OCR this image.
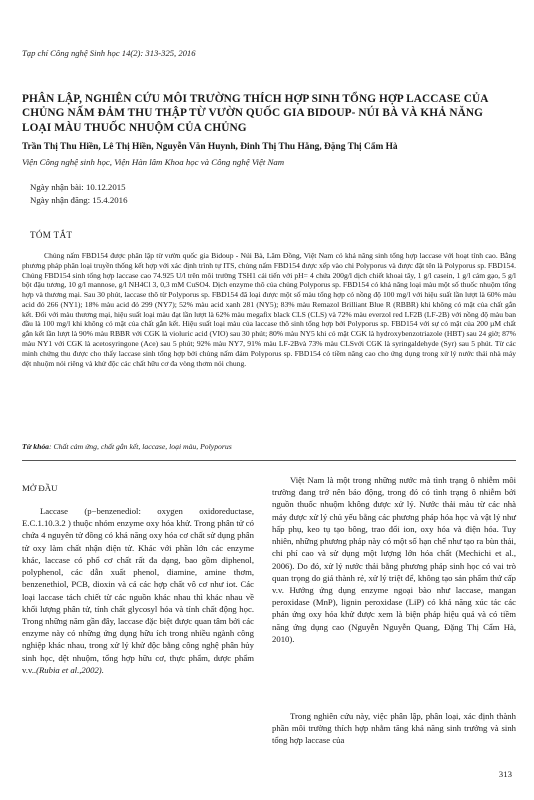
Tạp chí Công nghệ Sinh học 14(2): 313-325, 2016
PHÂN LẬP, NGHIÊN CỨU MÔI TRƯỜNG THÍCH HỢP SINH TỔNG HỢP LACCASE CỦA CHỦNG NẤM ĐẢM THU THẬP TỪ VƯỜN QUỐC GIA BIDOUP- NÚI BÀ VÀ KHẢ NĂNG LOẠI MÀU THUỐC NHUỘM CỦA CHỦNG
Trần Thị Thu Hiền, Lê Thị Hiền, Nguyễn Văn Huynh, Đinh Thị Thu Hằng, Đặng Thị Cẩm Hà
Viện Công nghệ sinh học, Viện Hàn lâm Khoa học và Công nghệ Việt Nam
Ngày nhận bài: 10.12.2015
Ngày nhận đăng: 15.4.2016
TÓM TẮT

Chủng nấm FBD154 được phân lập từ vườn quốc gia Bidoup - Núi Bà, Lâm Đồng, Việt Nam có khả năng sinh tổng hợp laccase với hoạt tính cao. Bằng phương pháp phân loại truyền thống kết hợp với xác định trình tự ITS, chủng nấm FBD154 được xếp vào chi Polyporus và được đặt tên là Polyporus sp. FBD154. Chủng FBD154 sinh tổng hợp laccase cao 74.925 U/l trên môi trường TSH1 cải tiến với pH= 4 chứa 200g/l dịch chiết khoai tây, 1 g/l casein, 1 g/l cám gạo, 5 g/l bột đậu tương, 10 g/l mannose, g/l NH4Cl 3, 0,3 mM CuSO4. Dịch enzyme thô của chủng Polyporus sp. FBD154 có khả năng loại màu một số thuốc nhuộm tổng hợp và thương mại. Sau 30 phút, laccase thô từ Polyporus sp. FBD154 đã loại được một số màu tổng hợp có nồng độ 100 mg/l với hiệu suất lần lượt là 60% màu acid đỏ 266 (NY1); 18% màu acid đỏ 299 (NY7); 52% màu acid xanh 281 (NY5); 83% màu Remazol Brilliant Blue R (RBBR) khi không có mặt của chất gắn kết. Đối với màu thương mại, hiệu suất loại màu đạt lần lượt là 62% màu megafix black CLS (CLS) và 72% màu everzol red LF2B (LF-2B) với nồng độ màu ban đầu là 100 mg/l khi không có mặt của chất gắn kết. Hiệu suất loại màu của laccase thô sinh tổng hợp bởi Polyporus sp. FBD154 với sự có mặt của 200 µM chất gắn kết lần lượt là 90% màu RBBR với CGK là violuric acid (VIO) sau 30 phút; 80% màu NY5 khi có mặt CGK là hydroxybenzotriazole (HBT) sau 24 giờ; 87% màu NY1 với CGK là acetosyringone (Ace) sau 5 phút; 92% màu NY7, 91% màu LF-2Bvà 73% màu CLSvới CGK là syringaldehyde (Syr) sau 5 phút. Từ các minh chứng thu được cho thấy laccase sinh tổng hợp bởi chủng nấm đảm Polyporus sp. FBD154 có tiềm năng cao cho ứng dụng trong xử lý nước thải nhà máy dệt nhuộm nói riêng và khử độc các chất hữu cơ đa vòng thơm nói chung.

Từ khóa: Chất cảm ứng, chất gắn kết, laccase, loại màu, Polyporus
MỞ ĐẦU

Laccase (p−benzenediol: oxygen oxidoreductase, E.C.1.10.3.2 ) thuộc nhóm enzyme oxy hóa khử. Trong phân tử có chứa 4 nguyên tử đồng có khả năng oxy hóa cơ chất sử dụng phân tử oxy làm chất nhận điện tử. Khác với phần lớn các enzyme khác, laccase có phổ cơ chất rất đa dạng, bao gồm diphenol, polyphenol, các dẫn xuất phenol, diamine, amine thơm, benzenethiol, PCB, dioxin và cả các hợp chất vô cơ như iot. Các loại laccase tách chiết từ các nguồn khác nhau thì khác nhau về khối lượng phân tử, tính chất glycosyl hóa và tính chất động học. Trong những năm gần đây, laccase đặc biệt được quan tâm bởi các enzyme này có những ứng dụng hữu ích trong nhiều ngành công nghiệp khác nhau, trong xử lý khử độc bằng công nghệ phân hủy sinh học, dệt nhuộm, tổng hợp hữu cơ, thực phẩm, dược phẩm v.v..(Rubia et al.,2002).

Việt Nam là một trong những nước mà tình trạng ô nhiễm môi trường đang trở nên báo động, trong đó có tình trạng ô nhiễm bởi nguồn thuốc nhuộm không được xử lý. Nước thải màu từ các nhà máy được xử lý chủ yếu bằng các phương pháp hóa học và vật lý như hấp phụ, keo tụ tạo bông, trao đổi ion, oxy hóa và điện hóa. Tuy nhiên, những phương pháp này có một số hạn chế như tạo ra bùn thải, chi phí cao và sử dụng một lượng lớn hóa chất (Mechichi et al., 2006). Do đó, xử lý nước thải bằng phương pháp sinh học có vai trò quan trọng do giá thành rẻ, xử lý triệt để, không tạo sản phẩm thứ cấp v.v. Hướng ứng dụng enzyme ngoại bào như laccase, mangan peroxidase (MnP), lignin peroxidase (LiP) có khả năng xúc tác các phản ứng oxy hóa khử được xem là biện pháp hiệu quả và có tiềm năng ứng dụng cao (Nguyễn Nguyễn Quang, Đặng Thị Cẩm Hà, 2010).

Trong nghiên cứu này, việc phân lập, phân loại, xác định thành phần môi trường thích hợp nhằm tăng khả năng sinh trưởng và sinh tổng hợp laccase của

313
